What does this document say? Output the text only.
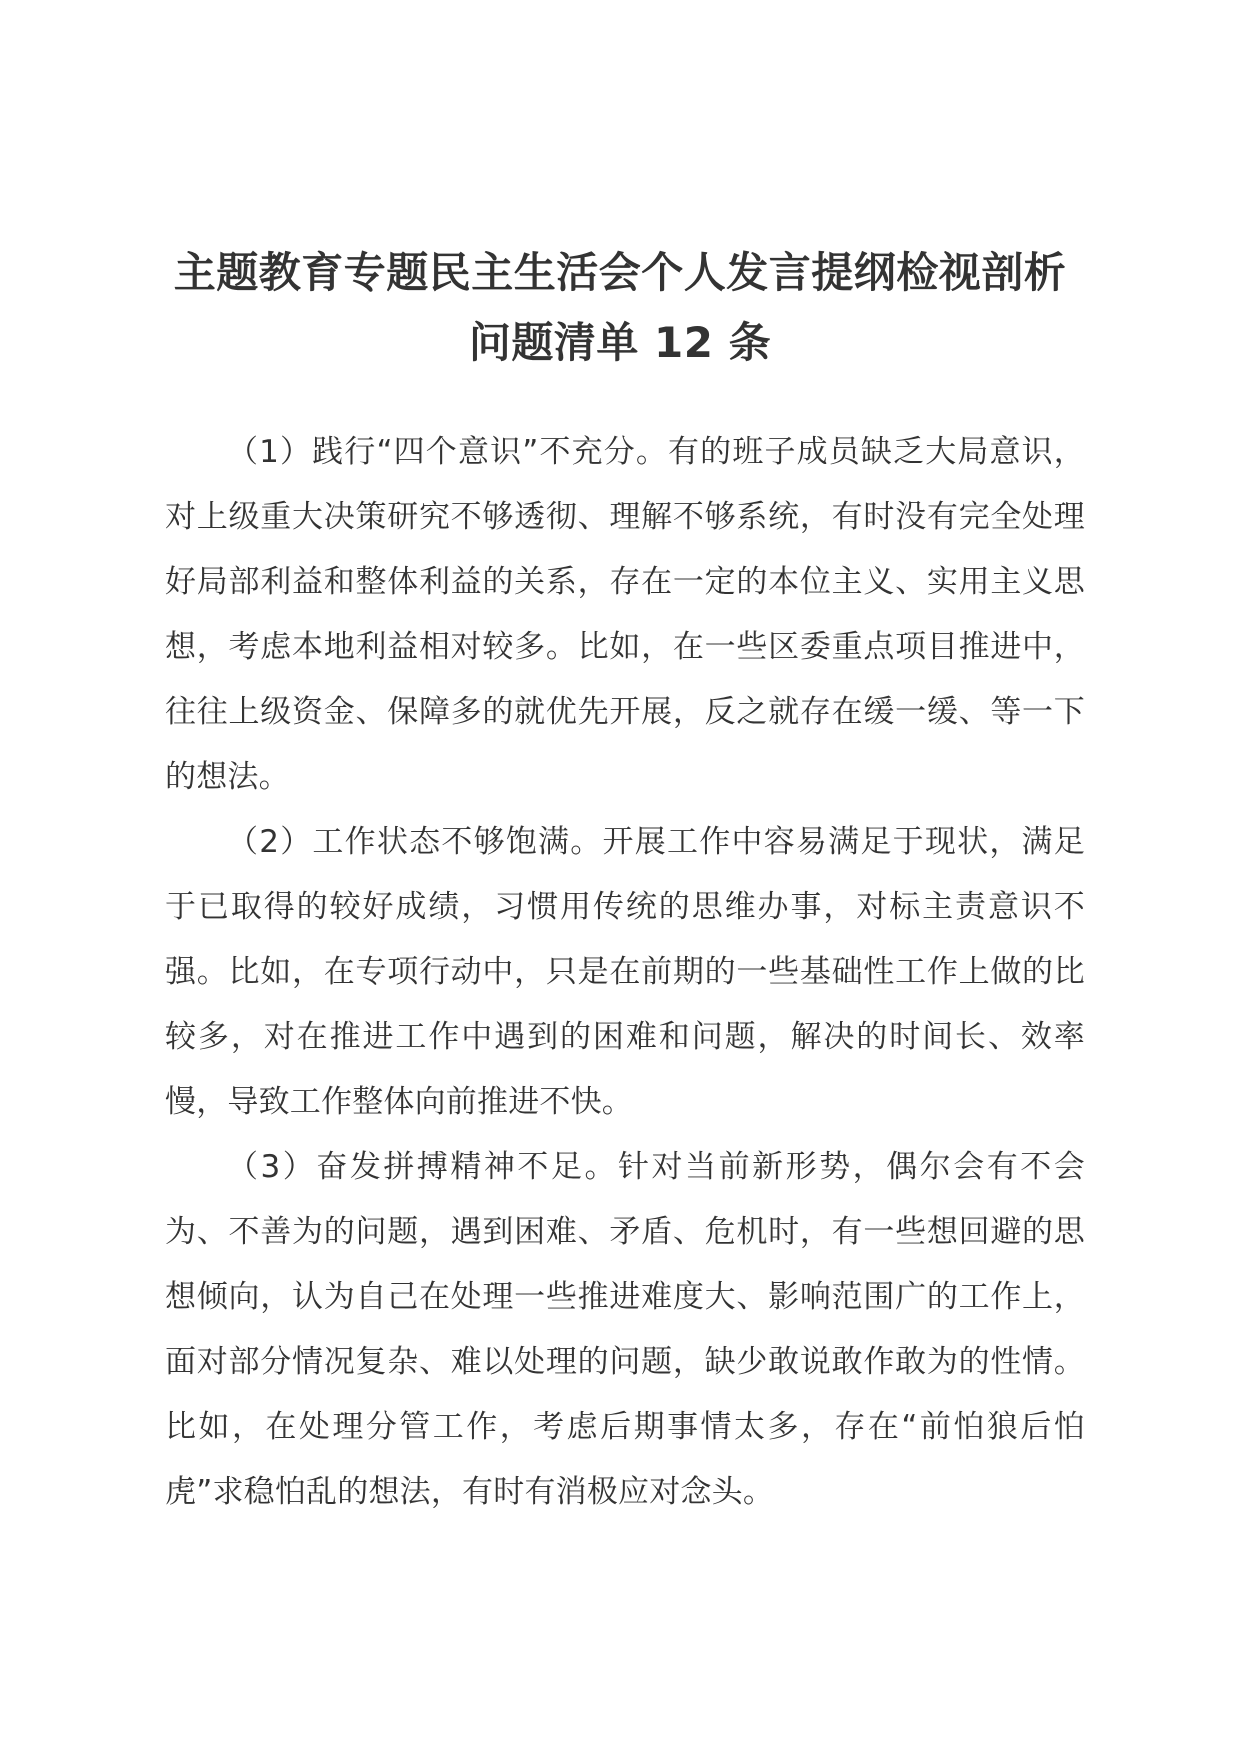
主题教育专题民主生活会个人发言提纲检视剖析问题清单 12 条

（1）践行“四个意识”不充分。有的班子成员缺乏大局意识，对上级重大决策研究不够透彻、理解不够系统，有时没有完全处理好局部利益和整体利益的关系，存在一定的本位主义、实用主义思想，考虑本地利益相对较多。比如，在一些区委重点项目推进中，往往上级资金、保障多的就优先开展，反之就存在缓一缓、等一下的想法。

（2）工作状态不够饱满。开展工作中容易满足于现状，满足于已取得的较好成绩，习惯用传统的思维办事，对标主责意识不强。比如，在专项行动中，只是在前期的一些基础性工作上做的比较多，对在推进工作中遇到的困难和问题，解决的时间长、效率慢，导致工作整体向前推进不快。

（3）奋发拼搏精神不足。针对当前新形势，偶尔会有不会为、不善为的问题，遇到困难、矛盾、危机时，有一些想回避的思想倾向，认为自己在处理一些推进难度大、影响范围广的工作上，面对部分情况复杂、难以处理的问题，缺少敢说敢作敢为的性情。比如，在处理分管工作，考虑后期事情太多，存在“前怕狼后怕虎”求稳怕乱的想法，有时有消极应对念头。
